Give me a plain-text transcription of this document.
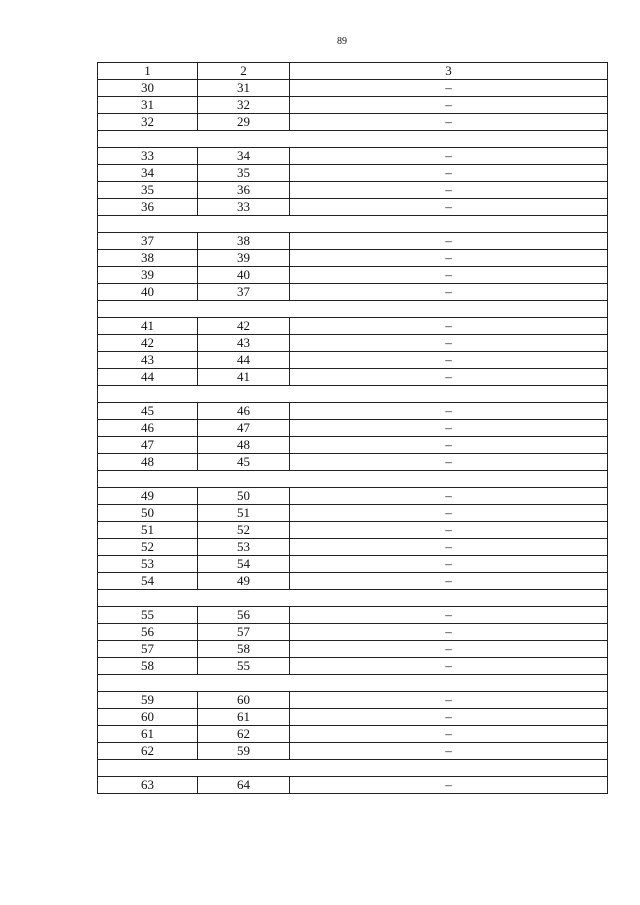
89
1	2	3
30	31	–
31	32	–
32	29	–

33	34	–
34	35	–
35	36	–
36	33	–

37	38	–
38	39	–
39	40	–
40	37	–

41	42	–
42	43	–
43	44	–
44	41	–

45	46	–
46	47	–
47	48	–
48	45	–

49	50	–
50	51	–
51	52	–
52	53	–
53	54	–
54	49	–

55	56	–
56	57	–
57	58	–
58	55	–

59	60	–
60	61	–
61	62	–
62	59	–

63	64	–
